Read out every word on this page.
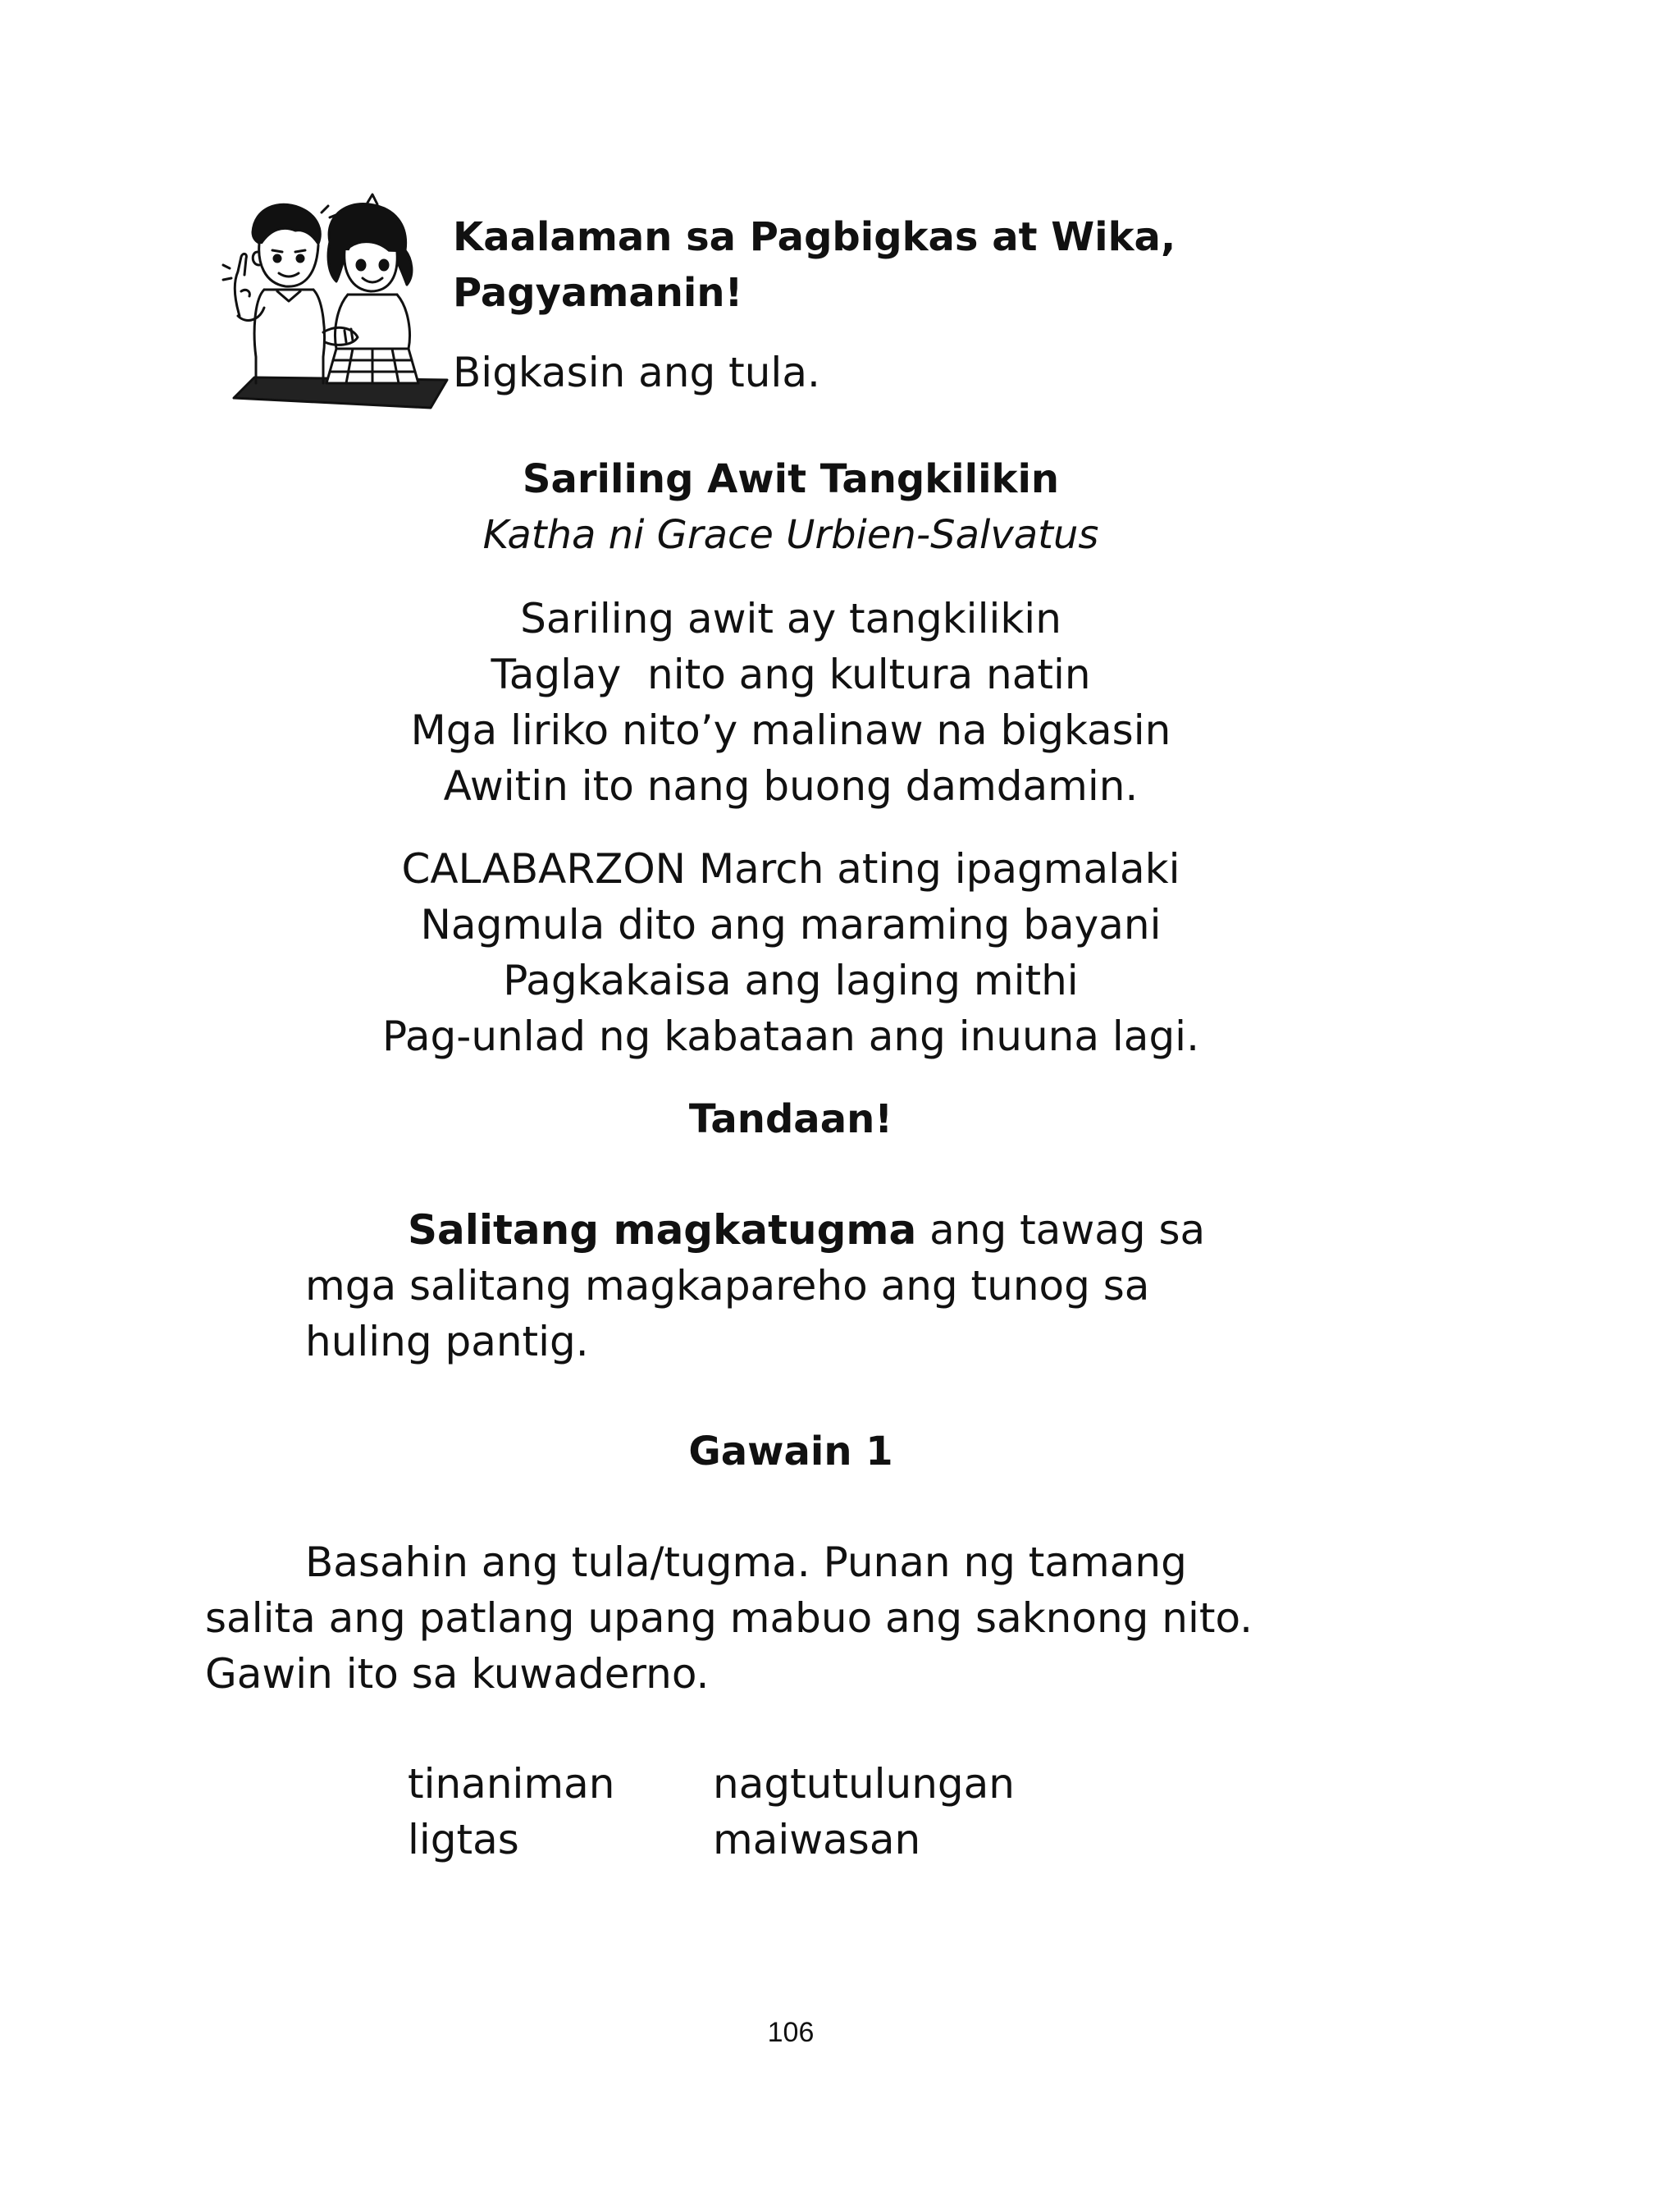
Kaalaman sa Pagbigkas at Wika,
Pagyamanin!
Bigkasin ang tula.
Sariling Awit Tangkilikin
Katha ni Grace Urbien-Salvatus
Sariling awit ay tangkilikin
Taglay  nito ang kultura natin
Mga liriko nito’y malinaw na bigkasin
Awitin ito nang buong damdamin.
CALABARZON March ating ipagmalaki
Nagmula dito ang maraming bayani
Pagkakaisa ang laging mithi
Pag-unlad ng kabataan ang inuuna lagi.
Tandaan!
Salitang magkatugma ang tawag sa
mga salitang magkapareho ang tunog sa
huling pantig.
Gawain 1
Basahin ang tula/tugma. Punan ng tamang
salita ang patlang upang mabuo ang saknong nito.
Gawin ito sa kuwaderno.
tinaniman	nagtutulungan
ligtas	maiwasan
106
